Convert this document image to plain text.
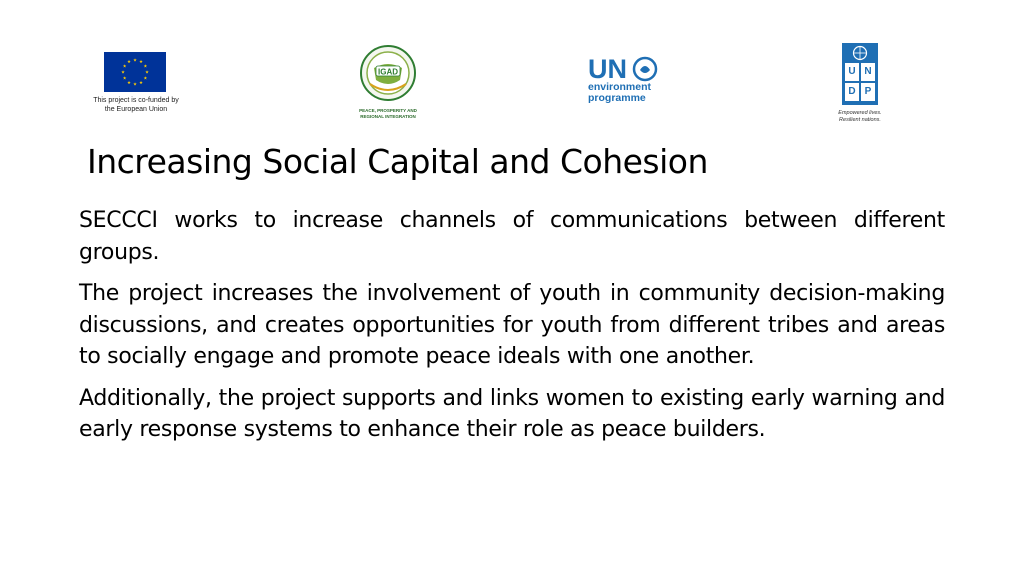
★ ★
★
★
★
★
★
★
★
★
★
★
This project is co-funded by
the European Union
IGAD
PEACE, PROSPERITY AND
REGIONAL INTEGRATION
UN
environment
programme
U N
D P
Empowered lives.
Resilient nations.
Increasing Social Capital and Cohesion

SECCCI works to increase channels of communications between different groups.

The project increases the involvement of youth in community decision-making discussions, and creates opportunities for youth from different tribes and areas to socially engage and promote peace ideals with one another.

Additionally, the project supports and links women to existing early warning and early response systems to enhance their role as peace builders.
